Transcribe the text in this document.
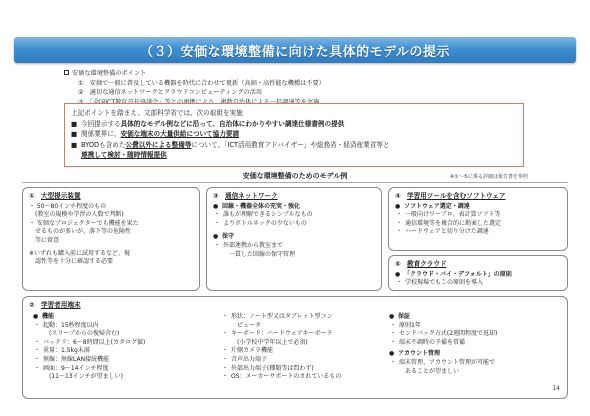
（３）安価な環境整備に向けた具体的モデルの提示
安価な環境整備のポイント
①　安価で一般に普及している機器を時代に合わせて更新（高価・高性能な機種は不要）
②　適切な通信ネットワークとクラウドコンピューティングの活用
上記ポイントを踏まえ、文部科学省では、次の取組を実施
■ 今回提示する具体的なモデル例などに沿って、自治体にわかりやすい調達仕様書例の提供
■ 関係業界に、安価な端末の大量供給について協力要請
■ BYODも含めた公費以外による整備等について、「ICT活用教育アドバイザー」や総務省・経済産業省等と
連携して検討・随時情報提供
安価な環境整備のためのモデル例	※①～⑤に係る詳細は報告書を参照
① 大型提示装置
・ 50～80インチ程度のもの
　(教室の規模や学習の人数で判断)
・ 安価なプロジェクターでも機能を果た
　せるものが多いが、落下等の危険性
　等に留意
※いずれも購入前に試用するなど、視
　認性等を十分に確認する必要
③ 通信ネットワーク
● 回線・機器全体の充実・強化
・ 誰もが理解できるシンプルなもの
・ よりボトルネックの少ないもの
● 保守
・ 外部連携から教室まで
　一貫した回線の保守管理
④ 学習用ツールを含むソフトウェア
● ソフトウェア選定・調達
・ 一般向けワープロ、表計算ソフト等
・ 通信環境等を複合的に勘案した選定
・ ハードウェアと切り分けた調達
⑤ 教育クラウド
● 「クラウド・バイ・デフォルト」の原則
・ 学校現場でもこの原則を導入
② 学習者用端末
● 機能
・ 起動：15秒程度以内
　(スリープからの復帰含む)
・ バッテリ：6～8時間以上(カタログ値)
・ 重量：1.5kg未満
・ 無線：無線LAN接続機能
・ 画面：9～14インチ程度
　(11～13インチが望ましい)
・ 形状：ノート型又はタブレット型コン
　ピュータ
・ キーボード：ハードウェアキーボード
　(小学校中学年以上で必須)
・ 片側カメラ機能
・ 音声出力端子
・ 外部出力端子(種類等は問わず)
・ OS：メーカーサポートのされているもの
● 保証
・ 原則1年
・ センドバック方式(2週間程度で返却)
・ 端末不調時の予備を常備
● アカウント管理
・ 端末管理、アカウント管理が可能で
　あることが望ましい
14
